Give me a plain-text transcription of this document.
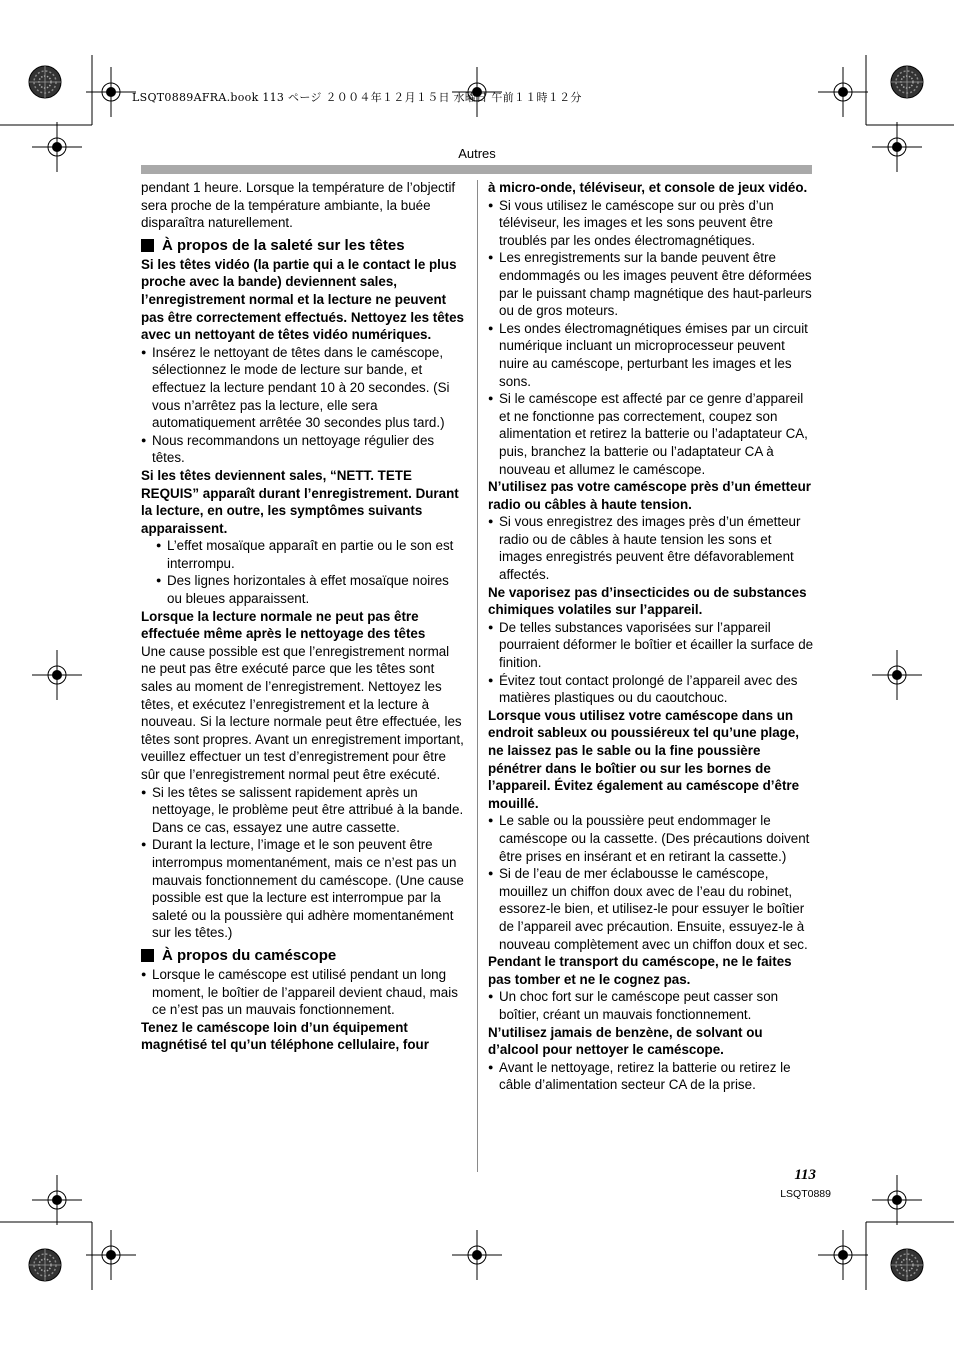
LSQT0889AFRA.book 113 ページ ２００４年１２月１５日 水曜日 午前１１時１２分
Autres

pendant 1 heure. Lorsque la température de l’objectif sera proche de la température ambiante, la buée disparaîtra naturellement.

À propos de la saleté sur les têtes

Si les têtes vidéo (la partie qui a le contact le plus proche avec la bande) deviennent sales, l’enregistrement normal et la lecture ne peuvent pas être correctement effectués. Nettoyez les têtes avec un nettoyant de têtes vidéo numériques.

● Insérez le nettoyant de têtes dans le caméscope, sélectionnez le mode de lecture sur bande, et effectuez la lecture pendant 10 à 20 secondes. (Si vous n’arrêtez pas la lecture, elle sera automatiquement arrêtée 30 secondes plus tard.)
● Nous recommandons un nettoyage régulier des têtes.

Si les têtes deviennent sales, “NETT. TETE REQUIS” apparaît durant l’enregistrement. Durant la lecture, en outre, les symptômes suivants apparaissent.

● L’effet mosaïque apparaît en partie ou le son est interrompu.
● Des lignes horizontales à effet mosaïque noires ou bleues apparaissent.

Lorsque la lecture normale ne peut pas être effectuée même après le nettoyage des têtes

Une cause possible est que l’enregistrement normal ne peut pas être exécuté parce que les têtes sont sales au moment de l’enregistrement. Nettoyez les têtes, et exécutez l’enregistrement et la lecture à nouveau. Si la lecture normale peut être effectuée, les têtes sont propres. Avant un enregistrement important, veuillez effectuer un test d’enregistrement pour être sûr que l’enregistrement normal peut être exécuté.

● Si les têtes se salissent rapidement après un nettoyage, le problème peut être attribué à la bande. Dans ce cas, essayez une autre cassette.
● Durant la lecture, l’image et le son peuvent être interrompus momentanément, mais ce n’est pas un mauvais fonctionnement du caméscope. (Une cause possible est que la lecture est interrompue par la saleté ou la poussière qui adhère momentanément sur les têtes.)
À propos du caméscope
● Lorsque le caméscope est utilisé pendant un long moment, le boîtier de l’appareil devient chaud, mais ce n’est pas un mauvais fonctionnement.

Tenez le caméscope loin d’un équipement magnétisé tel qu’un téléphone cellulaire, four

à micro-onde, téléviseur, et console de jeux vidéo.

● Si vous utilisez le caméscope sur ou près d’un téléviseur, les images et les sons peuvent être troublés par les ondes électromagnétiques.
● Les enregistrements sur la bande peuvent être endommagés ou les images peuvent être déformées par le puissant champ magnétique des haut-parleurs ou de gros moteurs.
● Les ondes électromagnétiques émises par un circuit numérique incluant un microprocesseur peuvent nuire au caméscope, perturbant les images et les sons.
● Si le caméscope est affecté par ce genre d’appareil et ne fonctionne pas correctement, coupez son alimentation et retirez la batterie ou l’adaptateur CA, puis, branchez la batterie ou l’adaptateur CA à nouveau et allumez le caméscope.

N’utilisez pas votre caméscope près d’un émetteur radio ou câbles à haute tension.

● Si vous enregistrez des images près d’un émetteur radio ou de câbles à haute tension les sons et images enregistrés peuvent être défavorablement affectés.

Ne vaporisez pas d’insecticides ou de substances chimiques volatiles sur l’appareil.

● De telles substances vaporisées sur l’appareil pourraient déformer le boîtier et écailler la surface de finition.
● Évitez tout contact prolongé de l’appareil avec des matières plastiques ou du caoutchouc.

Lorsque vous utilisez votre caméscope dans un endroit sableux ou poussiéreux tel qu’une plage, ne laissez pas le sable ou la fine poussière pénétrer dans le boîtier ou sur les bornes de l’appareil. Évitez également au caméscope d’être mouillé.

● Le sable ou la poussière peut endommager le caméscope ou la cassette. (Des précautions doivent être prises en insérant et en retirant la cassette.)
● Si de l’eau de mer éclabousse le caméscope, mouillez un chiffon doux avec de l’eau du robinet, essorez-le bien, et utilisez-le pour essuyer le boîtier de l’appareil avec précaution. Ensuite, essuyez-le à nouveau complètement avec un chiffon doux et sec.

Pendant le transport du caméscope, ne le faites pas tomber et ne le cognez pas.

● Un choc fort sur le caméscope peut casser son boîtier, créant un mauvais fonctionnement.

N’utilisez jamais de benzène, de solvant ou d’alcool pour nettoyer le caméscope.

● Avant le nettoyage, retirez la batterie ou retirez le câble d’alimentation secteur CA de la prise.
113
LSQT0889
